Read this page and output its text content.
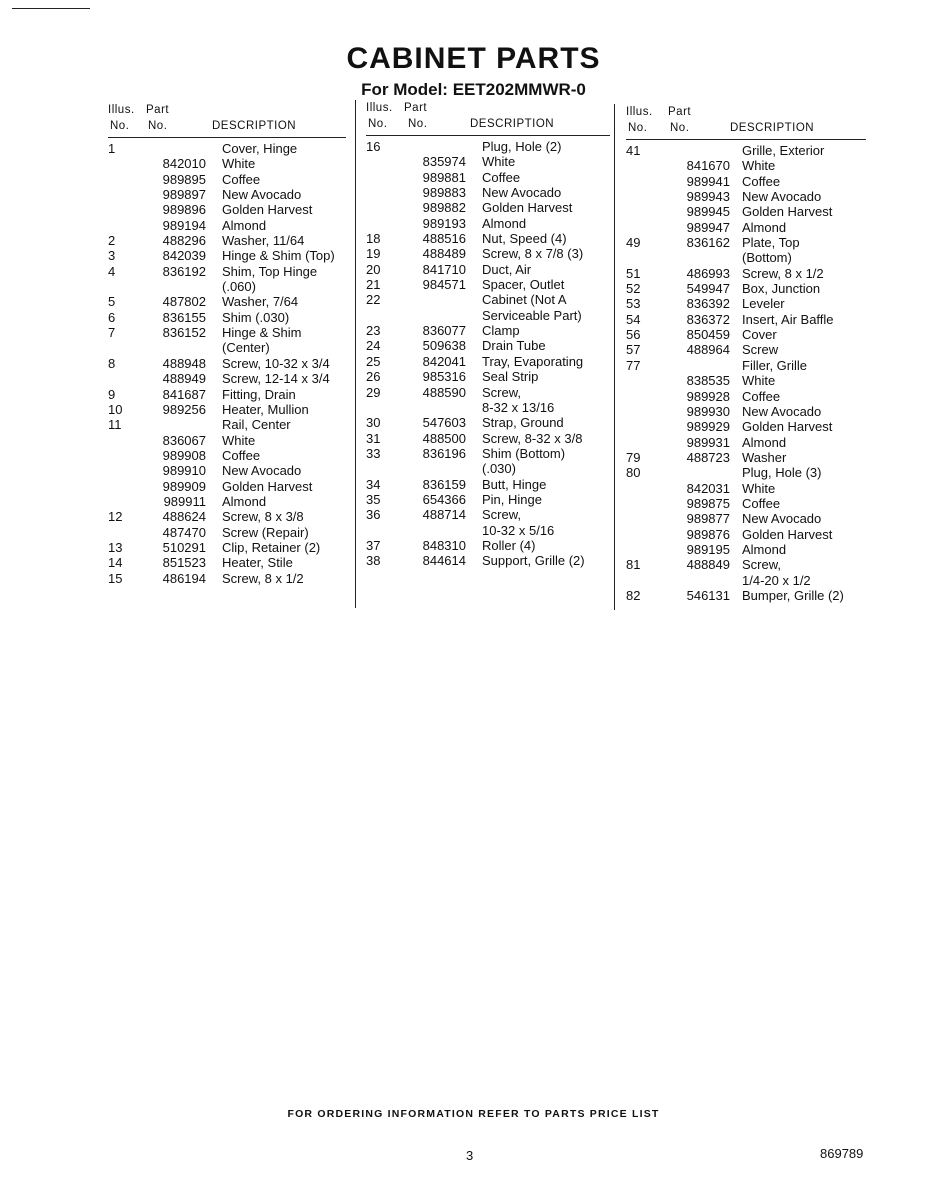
CABINET PARTS
For Model: EET202MMWR-0
Illus. Part
No. No.	DESCRIPTION
1	Cover, Hinge
842010 White
989895 Coffee
989897 New Avocado
989896 Golden Harvest
989194 Almond
2	488296 Washer, 11/64
3	842039 Hinge & Shim (Top)
4	836192 Shim, Top Hinge
(.060)
5	487802 Washer, 7/64
6	836155 Shim (.030)
7	836152 Hinge & Shim
(Center)
8	488948 Screw, 10-32 x 3/4
488949 Screw, 12-14 x 3/4
9	841687 Fitting, Drain
10	989256 Heater, Mullion
11	Rail, Center
836067 White
989908 Coffee
989910 New Avocado
989909 Golden Harvest
989911 Almond
12	488624 Screw, 8 x 3/8
487470 Screw (Repair)
13	510291 Clip, Retainer (2)
14	851523 Heater, Stile
15	486194 Screw, 8 x 1/2
Illus. Part
No. No.	DESCRIPTION
16	Plug, Hole (2)
835974 White
989881 Coffee
989883 New Avocado
989882 Golden Harvest
989193 Almond
18	488516 Nut, Speed (4)
19	488489 Screw, 8 x 7/8 (3)
20	841710 Duct, Air
21	984571 Spacer, Outlet
22	Cabinet (Not A
Serviceable Part)
23	836077 Clamp
24	509638 Drain Tube
25	842041 Tray, Evaporating
26	985316 Seal Strip
29	488590 Screw,
8-32 x 13/16
30	547603 Strap, Ground
31	488500 Screw, 8-32 x 3/8
33	836196 Shim (Bottom)
(.030)
34	836159 Butt, Hinge
35	654366 Pin, Hinge
36	488714 Screw,
10-32 x 5/16
37	848310 Roller (4)
38	844614 Support, Grille (2)
Illus. Part
No. No.	DESCRIPTION
41	Grille, Exterior
841670 White
989941 Coffee
989943 New Avocado
989945 Golden Harvest
989947 Almond
49	836162 Plate, Top
(Bottom)
51	486993 Screw, 8 x 1/2
52	549947 Box, Junction
53	836392 Leveler
54	836372 Insert, Air Baffle
56	850459 Cover
57	488964 Screw
77	Filler, Grille
838535 White
989928 Coffee
989930 New Avocado
989929 Golden Harvest
989931 Almond
79	488723 Washer
80	Plug, Hole (3)
842031 White
989875 Coffee
989877 New Avocado
989876 Golden Harvest
989195 Almond
81	488849 Screw,
1/4-20 x 1/2
82	546131 Bumper, Grille (2)
FOR ORDERING INFORMATION REFER TO PARTS PRICE LIST
3	869789
